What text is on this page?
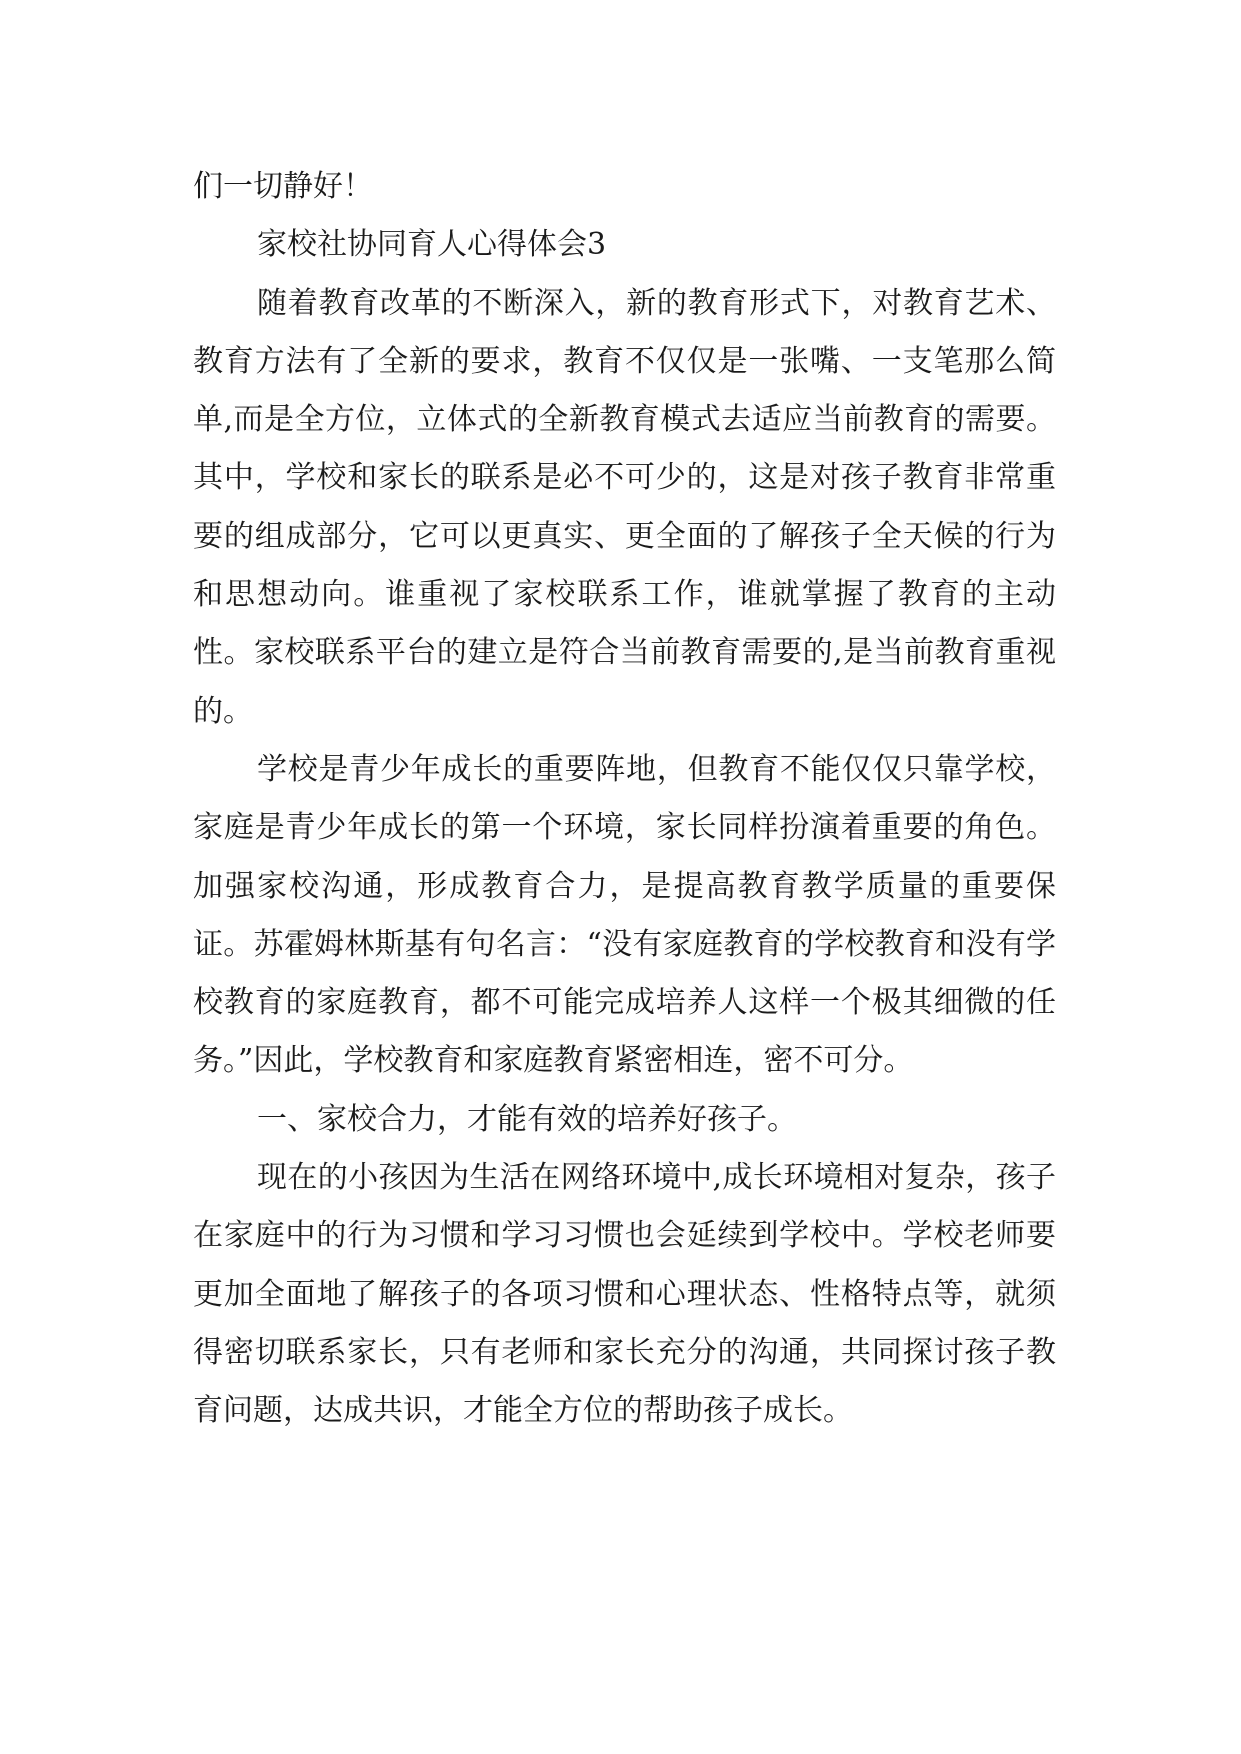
们一切静好！

家校社协同育人心得体会3

随着教育改革的不断深入，新的教育形式下，对教育艺术、教育方法有了全新的要求，教育不仅仅是一张嘴、一支笔那么简单,而是全方位，立体式的全新教育模式去适应当前教育的需要。其中，学校和家长的联系是必不可少的，这是对孩子教育非常重要的组成部分，它可以更真实、更全面的了解孩子全天候的行为和思想动向。谁重视了家校联系工作，谁就掌握了教育的主动性。家校联系平台的建立是符合当前教育需要的,是当前教育重视的。

学校是青少年成长的重要阵地，但教育不能仅仅只靠学校，家庭是青少年成长的第一个环境，家长同样扮演着重要的角色。加强家校沟通，形成教育合力，是提高教育教学质量的重要保证。苏霍姆林斯基有句名言：“没有家庭教育的学校教育和没有学校教育的家庭教育，都不可能完成培养人这样一个极其细微的任务。”因此，学校教育和家庭教育紧密相连，密不可分。

一、家校合力，才能有效的培养好孩子。

现在的小孩因为生活在网络环境中,成长环境相对复杂，孩子在家庭中的行为习惯和学习习惯也会延续到学校中。学校老师要更加全面地了解孩子的各项习惯和心理状态、性格特点等，就须得密切联系家长，只有老师和家长充分的沟通，共同探讨孩子教育问题，达成共识，才能全方位的帮助孩子成长。
